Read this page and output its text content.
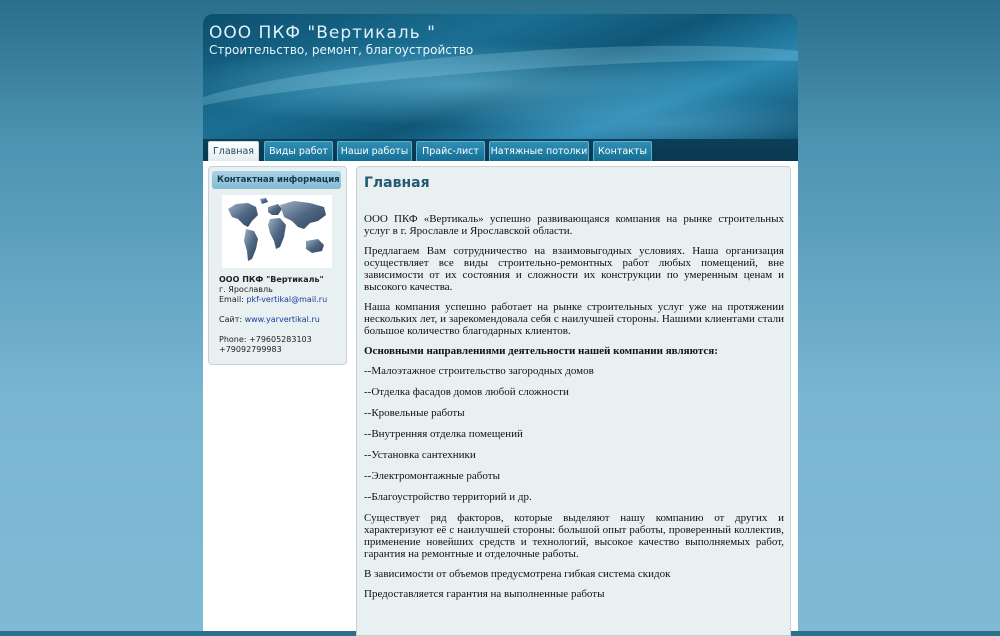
ООО ПКФ "Вертикаль "

Строительство, ремонт, благоустройство

Главная	Виды работ	Наши работы	Прайс-лист	Натяжные потолки	Контакты
Контактная информация
ООО ПКФ "Вертикаль"
г. Ярославль
Email: pkf-vertikal@mail.ru
Сайт: www.yarvertikal.ru
Phone: +79605283103
+79092799983
Главная

ООО ПКФ «Вертикаль» успешно развивающаяся компания на рынке строительных услуг в г. Ярославле и Ярославской области.

Предлагаем Вам сотрудничество на взаимовыгодных условиях. Наша организация осуществляет все виды строительно-ремонтных работ любых помещений, вне зависимости от их состояния и сложности их конструкции по умеренным ценам и высокого качества.

Наша компания успешно работает на рынке строительных услуг уже на протяжении нескольких лет, и зарекомендовала себя с наилучшей стороны. Нашими клиентами стали большое количество благодарных клиентов.

Основными направлениями деятельности нашей компании являются:

--Малоэтажное строительство загородных домов

--Отделка фасадов домов любой сложности

--Кровельные работы

--Внутренняя отделка помещений

--Установка сантехники

--Электромонтажные работы

--Благоустройство территорий и др.

Существует ряд факторов, которые выделяют нашу компанию от других и характеризуют её с наилучшей стороны: большой опыт работы, проверенный коллектив, применение новейших средств и технологий, высокое качество выполняемых работ, гарантия на ремонтные и отделочные работы.

В зависимости от объемов предусмотрена гибкая система скидок

Предоставляется гарантия на выполненные работы
